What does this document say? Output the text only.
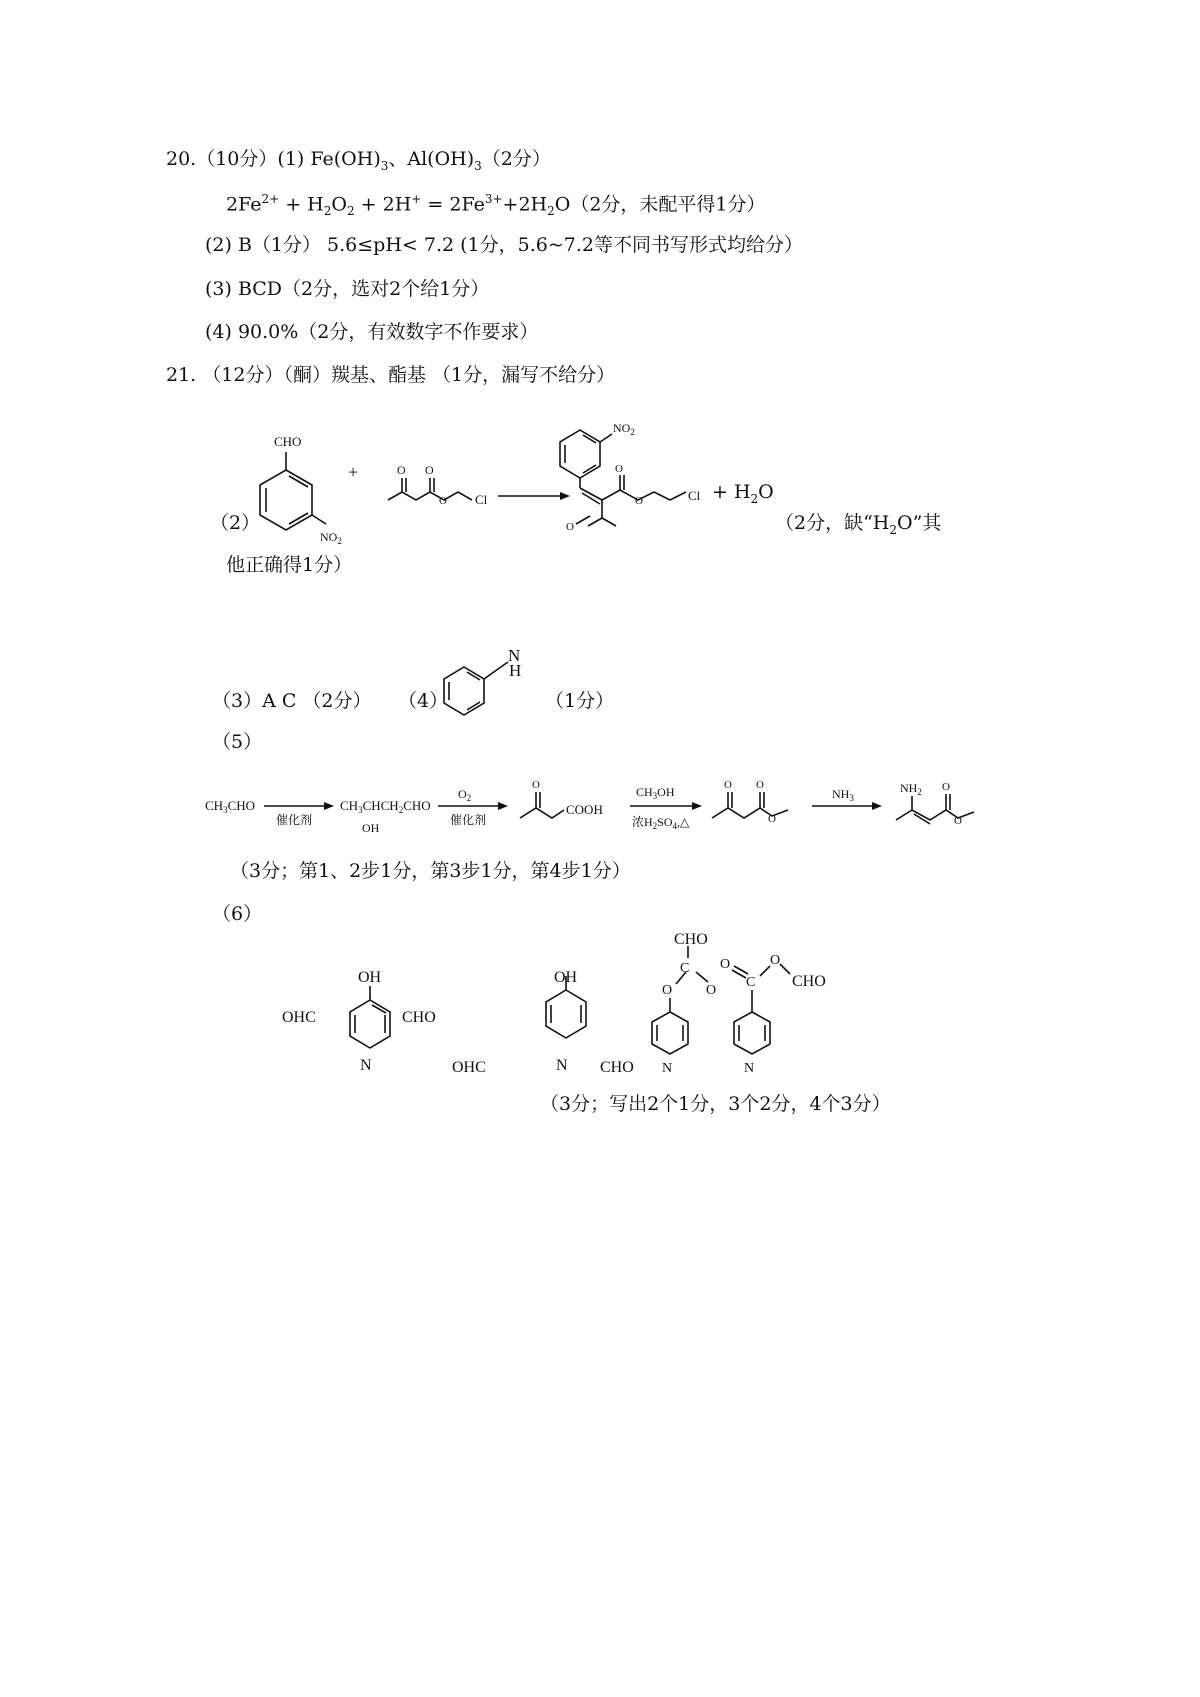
20.（10分）(1) $Fe(OH)_3$、$Al(OH)_3(2$分）
$2Fe^{2+} + H_2O_2 + 2H^+ = 2Fe^{3+}+2H_2O(2$分，未配平得1分）
(2) B（1分） 5.6≤pH< 7.2 (1分，5.6~7.2等不同书写形式均给分）
(3) BCD（2分，选对2个给1分）
(4) 90.0%（2分，有效数字不作要求）
21. （12分）（酮）羰基、酯基 （1分，漏写不给分）
CHO
$NO_2$
+	O O
O Cl
$NO_2$
O
O	Cl
O
+ $H_2O$
（2）	（2分，缺“$H_2O$”其
他正确得1分）
（3）A C （2分） （4）
N
H
（1分）
（5）
$CH_3CHO$
催化剂
$CH_3CHCH_2CHO$
OH
$O_2$
催化剂
O
COOH
$CH_3OH$
浓$H_2SO_4,\triangle$
O O
O
$NH_3$
$NH_2$ O
O
（3分；第1、2步1分，第3步1分，第4步1分）
（6）
N
OH
OHC	CHO
N
OH
OHC	CHO N
O
C
O
CHO
N
C
O	O
CHO
（3分；写出2个1分，3个2分，4个3分）
